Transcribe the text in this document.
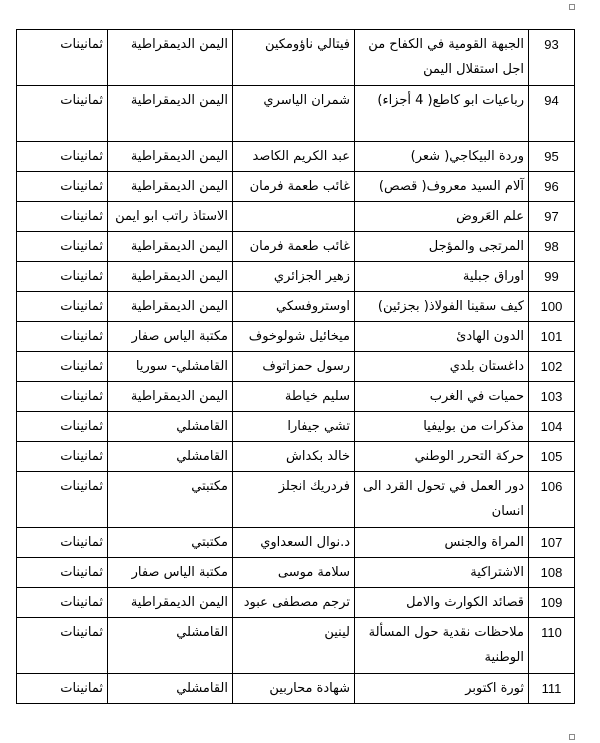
93	الجبهة القومية في الكفاح من اجل استقلال اليمن	فيتالي ناؤومكين	اليمن الديمقراطية	ثمانينات
94	رباعيات ابو كاطع( 4 أجزاء)	شمران الياسري	اليمن الديمقراطية	ثمانينات
95	وردة البيكاجي( شعر)	عبد الكريم الكاصد	اليمن الديمقراطية	ثمانينات
96	آلام السيد معروف( قصص)	غائب طعمة فرمان	اليمن الديمقراطية	ثمانينات
97	علم العَروض		الاستاذ راتب ابو ايمن	ثمانينات
98	المرتجى والمؤجل	غائب طعمة فرمان	اليمن الديمقراطية	ثمانينات
99	اوراق جبلية	زهير الجزائري	اليمن الديمقراطية	ثمانينات
100	كيف سقينا الفولاذ( بجزئين)	اوستروفسكي	اليمن الديمقراطية	ثمانينات
101	الدون الهادئ	ميخائيل شولوخوف	مكتبة الياس صفار	ثمانينات
102	داغستان بلدي	رسول حمزاتوف	القامشلي- سوريا	ثمانينات
103	حميات في الغرب	سليم خياطة	اليمن الديمقراطية	ثمانينات
104	مذكرات من بوليفيا	تشي جيفارا	القامشلي	ثمانينات
105	حركة التحرر الوطني	خالد بكداش	القامشلي	ثمانينات
106	دور العمل في تحول القرد الى انسان	فردريك انجلز	مكتبتي	ثمانينات
107	المراة والجنس	د.نوال السعداوي	مكتبتي	ثمانينات
108	الاشتراكية	سلامة موسى	مكتبة الياس صفار	ثمانينات
109	قصائد الكوارث والامل	ترجم مصطفى عبود	اليمن الديمقراطية	ثمانينات
110	ملاحظات نقدية حول المسألة الوطنية	لينين	القامشلي	ثمانينات
111	ثورة اكتوبر	شهادة محاربين	القامشلي	ثمانينات
